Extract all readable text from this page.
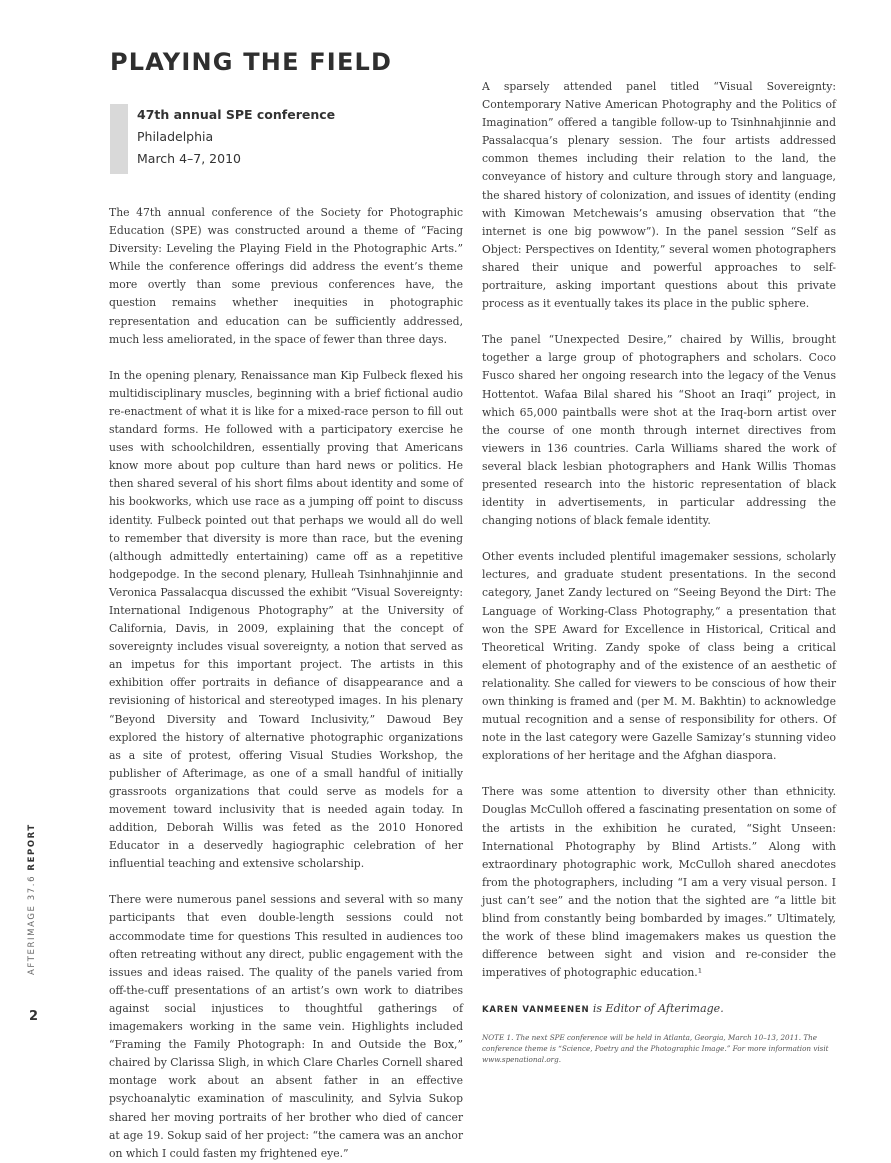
PLAYING THE FIELD
47th annual SPE conference
Philadelphia
March 4–7, 2010

The 47th annual conference of the Society for Photographic Education (SPE) was constructed around a theme of “Facing Diversity: Leveling the Playing Field in the Photographic Arts.” While the conference offerings did address the event’s theme more overtly than some previous conferences have, the question remains whether inequities in photographic representation and education can be sufficiently addressed, much less ameliorated, in the space of fewer than three days.

In the opening plenary, Renaissance man Kip Fulbeck flexed his multidisciplinary muscles, beginning with a brief fictional audio re-enactment of what it is like for a mixed-race person to fill out standard forms. He followed with a participatory exercise he uses with schoolchildren, essentially proving that Americans know more about pop culture than hard news or politics. He then shared several of his short films about identity and some of his bookworks, which use race as a jumping off point to discuss identity. Fulbeck pointed out that perhaps we would all do well to remember that diversity is more than race, but the evening (although admittedly entertaining) came off as a repetitive hodgepodge. In the second plenary, Hulleah Tsinhnahjinnie and Veronica Passalacqua discussed the exhibit “Visual Sovereignty: International Indigenous Photography” at the University of California, Davis, in 2009, explaining that the concept of sovereignty includes visual sovereignty, a notion that served as an impetus for this important project. The artists in this exhibition offer portraits in defiance of disappearance and a revisioning of historical and stereotyped images. In his plenary “Beyond Diversity and Toward Inclusivity,” Dawoud Bey explored the history of alternative photographic organizations as a site of protest, offering Visual Studies Workshop, the publisher of Afterimage, as one of a small handful of initially grassroots organizations that could serve as models for a movement toward inclusivity that is needed again today. In addition, Deborah Willis was feted as the 2010 Honored Educator in a deservedly hagiographic celebration of her influential teaching and extensive scholarship.

There were numerous panel sessions and several with so many participants that even double-length sessions could not accommodate time for questions This resulted in audiences too often retreating without any direct, public engagement with the issues and ideas raised. The quality of the panels varied from off-the-cuff presentations of an artist’s own work to diatribes against social injustices to thoughtful gatherings of imagemakers working in the same vein. Highlights included “Framing the Family Photograph: In and Outside the Box,” chaired by Clarissa Sligh, in which Clare Charles Cornell shared montage work about an absent father in an effective psychoanalytic examination of masculinity, and Sylvia Sukop shared her moving portraits of her brother who died of cancer at age 19. Sokup said of her project: “the camera was an anchor on which I could fasten my frightened eye.”

A sparsely attended panel titled “Visual Sovereignty: Contemporary Native American Photography and the Politics of Imagination” offered a tangible follow-up to Tsinhnahjinnie and Passalacqua’s plenary session. The four artists addressed common themes including their relation to the land, the conveyance of history and culture through story and language, the shared history of colonization, and issues of identity (ending with Kimowan Metchewais’s amusing observation that “the internet is one big powwow”). In the panel session “Self as Object: Perspectives on Identity,” several women photographers shared their unique and powerful approaches to self-portraiture, asking important questions about this private process as it eventually takes its place in the public sphere.

The panel “Unexpected Desire,” chaired by Willis, brought together a large group of photographers and scholars. Coco Fusco shared her ongoing research into the legacy of the Venus Hottentot. Wafaa Bilal shared his “Shoot an Iraqi” project, in which 65,000 paintballs were shot at the Iraq-born artist over the course of one month through internet directives from viewers in 136 countries. Carla Williams shared the work of several black lesbian photographers and Hank Willis Thomas presented research into the historic representation of black identity in advertisements, in particular addressing the changing notions of black female identity.

Other events included plentiful imagemaker sessions, scholarly lectures, and graduate student presentations. In the second category, Janet Zandy lectured on “Seeing Beyond the Dirt: The Language of Working-Class Photography,“ a presentation that won the SPE Award for Excellence in Historical, Critical and Theoretical Writing. Zandy spoke of class being a critical element of photography and of the existence of an aesthetic of relationality. She called for viewers to be conscious of how their own thinking is framed and (per M. M. Bakhtin) to acknowledge mutual recognition and a sense of responsibility for others. Of note in the last category were Gazelle Samizay’s stunning video explorations of her heritage and the Afghan diaspora.

There was some attention to diversity other than ethnicity. Douglas McCulloh offered a fascinating presentation on some of the artists in the exhibition he curated, “Sight Unseen: International Photography by Blind Artists.” Along with extraordinary photographic work, McCulloh shared anecdotes from the photographers, including “I am a very visual person. I just can’t see” and the notion that the sighted are “a little bit blind from constantly being bombarded by images.” Ultimately, the work of these blind imagemakers makes us question the difference between sight and vision and re-consider the imperatives of photographic education.¹

KAREN VANMEENEN is Editor of Afterimage.
NOTE 1. The next SPE conference will be held in Atlanta, Georgia, March 10–13, 2011. The conference theme is “Science, Poetry and the Photographic Image.” For more information visit www.spenational.org.
AFTERIMAGE 37.6 REPORT
2
